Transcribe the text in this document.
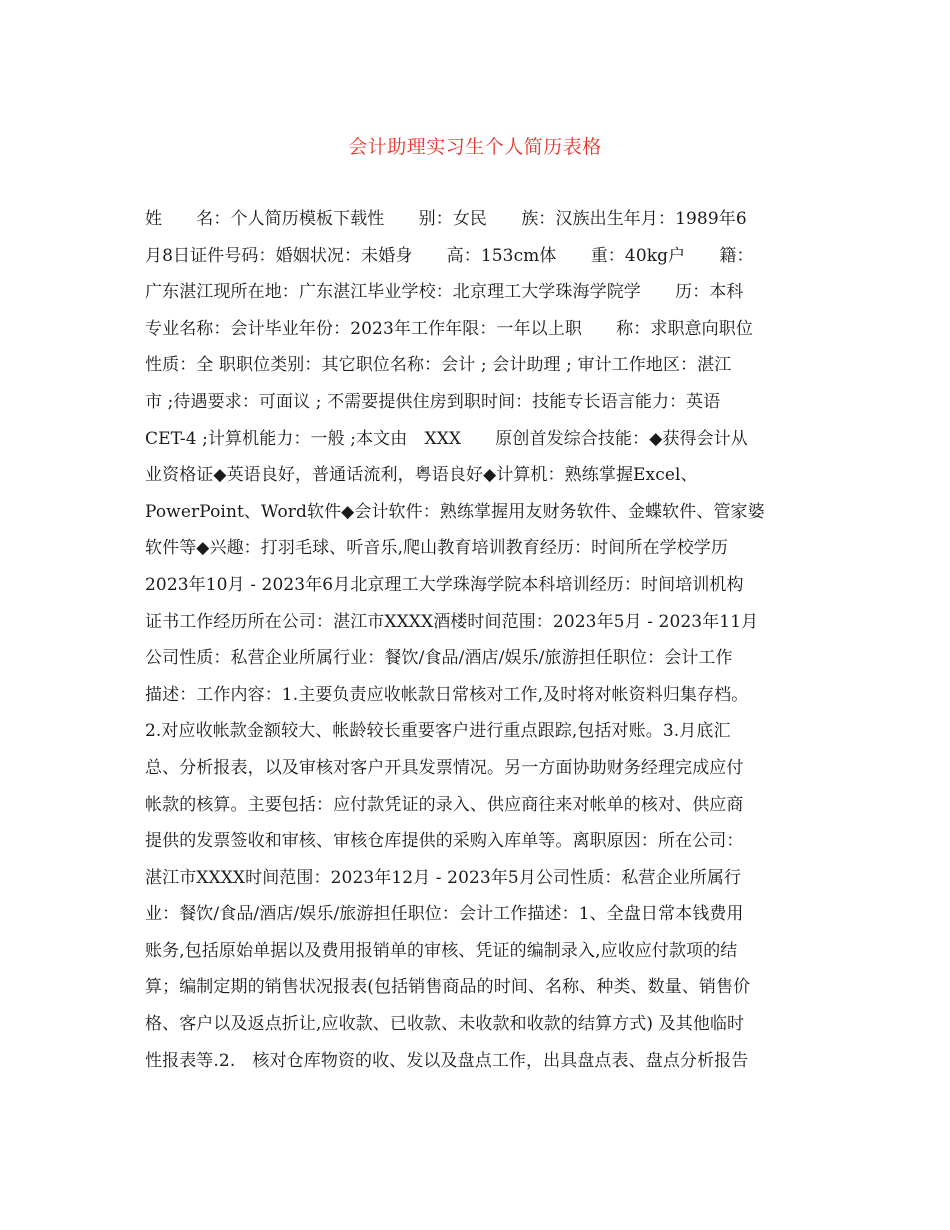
会计助理实习生个人简历表格
姓　　名：个人简历模板下载性　　别：女民　　族：汉族出生年月：1989年6
月8日证件号码：婚姻状况：未婚身　　高：153cm体　　重：40kg户　　籍：
广东湛江现所在地：广东湛江毕业学校：北京理工大学珠海学院学　　历：本科
专业名称：会计毕业年份：2023年工作年限：一年以上职　　称：求职意向职位
性质：全 职职位类别：其它职位名称：会计 ; 会计助理 ; 审计工作地区：湛江
市 ;待遇要求：可面议 ; 不需要提供住房到职时间：技能专长语言能力：英语
CET-4 ;计算机能力：一般 ;本文由　XXX　　原创首发综合技能：◆获得会计从
业资格证◆英语良好，普通话流利，粤语良好◆计算机：熟练掌握Excel、
PowerPoint、Word软件◆会计软件：熟练掌握用友财务软件、金蝶软件、管家婆
软件等◆兴趣：打羽毛球、听音乐,爬山教育培训教育经历：时间所在学校学历
2023年10月 - 2023年6月北京理工大学珠海学院本科培训经历：时间培训机构
证书工作经历所在公司：湛江市XXXX酒楼时间范围：2023年5月 - 2023年11月
公司性质：私营企业所属行业：餐饮/食品/酒店/娱乐/旅游担任职位：会计工作
描述：工作内容：1.主要负责应收帐款日常核对工作,及时将对帐资料归集存档。
2.对应收帐款金额较大、帐龄较长重要客户进行重点跟踪,包括对账。3.月底汇
总、分析报表，以及审核对客户开具发票情况。另一方面协助财务经理完成应付
帐款的核算。主要包括：应付款凭证的录入、供应商往来对帐单的核对、供应商
提供的发票签收和审核、审核仓库提供的采购入库单等。离职原因：所在公司：
湛江市XXXX时间范围：2023年12月 - 2023年5月公司性质：私营企业所属行
业：餐饮/食品/酒店/娱乐/旅游担任职位：会计工作描述：1、全盘日常本钱费用
账务,包括原始单据以及费用报销单的审核、凭证的编制录入,应收应付款项的结
算；编制定期的销售状况报表(包括销售商品的时间、名称、种类、数量、销售价
格、客户以及返点折让,应收款、已收款、未收款和收款的结算方式) 及其他临时
性报表等.2.　核对仓库物资的收、发以及盘点工作，出具盘点表、盘点分析报告
